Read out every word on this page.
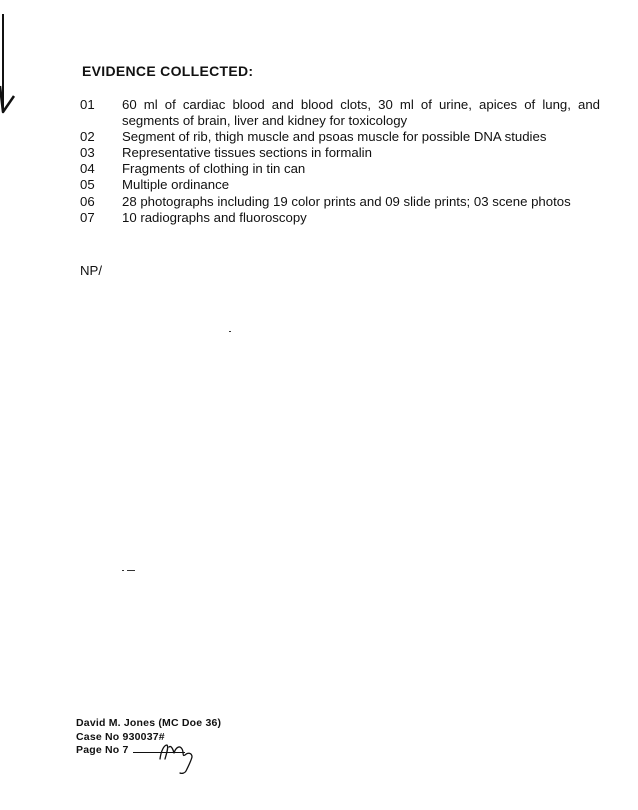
EVIDENCE COLLECTED:
01	60 ml of cardiac blood and blood clots, 30 ml of urine, apices of lung, and segments of brain, liver and kidney for toxicology
02	Segment of rib, thigh muscle and psoas muscle for possible DNA studies
03	Representative tissues sections in formalin
04	Fragments of clothing in tin can
05	Multiple ordinance
06	28 photographs including 19 color prints and 09 slide prints; 03 scene photos
07	10 radiographs and fluoroscopy
NP/
David M. Jones (MC Doe 36)
Case No 930037#
Page No 7
